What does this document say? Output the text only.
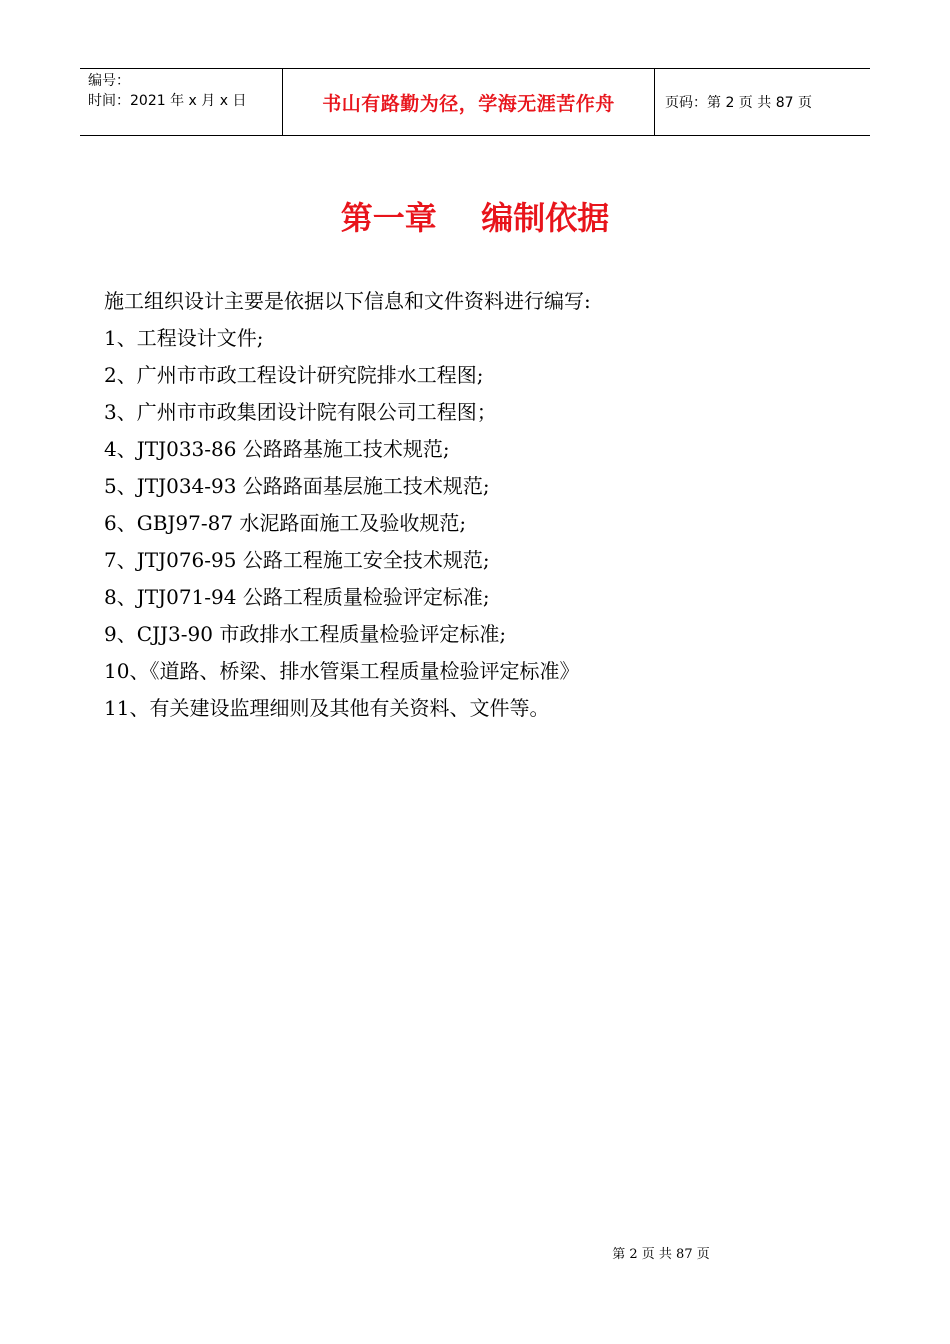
编号：
时间：2021 年 x 月 x 日	书山有路勤为径，学海无涯苦作舟	页码：第 2 页 共 87 页
第一章    编制依据

施工组织设计主要是依据以下信息和文件资料进行编写:

1、工程设计文件;

2、广州市市政工程设计研究院排水工程图;

3、广州市市政集团设计院有限公司工程图；

4、JTJ033-86 公路路基施工技术规范;

5、JTJ034-93 公路路面基层施工技术规范;

6、GBJ97-87 水泥路面施工及验收规范;

7、JTJ076-95 公路工程施工安全技术规范;

8、JTJ071-94 公路工程质量检验评定标准;

9、CJJ3-90 市政排水工程质量检验评定标准;

10、《道路、桥梁、排水管渠工程质量检验评定标准》

11、有关建设监理细则及其他有关资料、文件等。

第 2 页 共 87 页
